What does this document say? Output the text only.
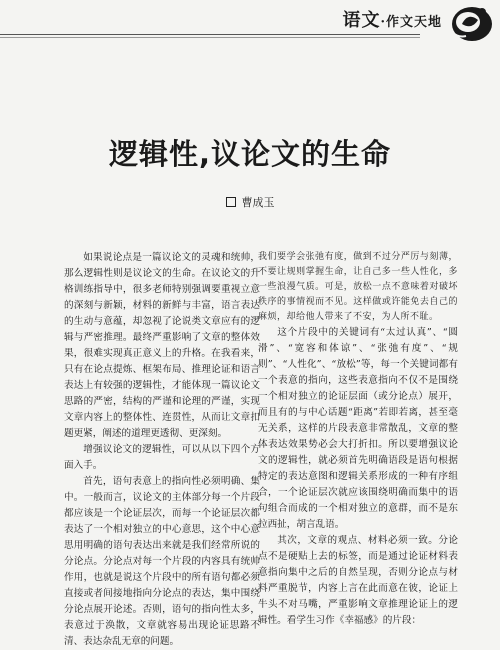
语文·作文天地
逻辑性,议论文的生命
曹成玉

如果说论点是一篇议论文的灵魂和统帅，那么逻辑性则是议论文的生命。在议论文的升格训练指导中，很多老师特别强调要重视立意的深刻与新颖，材料的新鲜与丰富，语言表达的生动与意蕴，却忽视了论说类文章应有的逻辑与严密推理。最终严重影响了文章的整体效果，很难实现真正意义上的升格。在我看来，只有在论点提炼、框架布局、推理论证和语言表达上有较强的逻辑性，才能体现一篇议论文思路的严密，结构的严谨和论理的严谨，实现文章内容上的整体性、连贯性，从而让文章扣题更紧，阐述的道理更透彻、更深刻。

增强议论文的逻辑性，可以从以下四个方面入手。

首先，语句表意上的指向性必须明确、集中。一般而言，议论文的主体部分每一个片段都应该是一个论证层次，而每一个论证层次都表达了一个相对独立的中心意思，这个中心意思用明确的语句表达出来就是我们经常所说的分论点。分论点对每一个片段的内容具有统帅作用，也就是说这个片段中的所有语句都必须直接或者间接地指向分论点的表达，集中围绕分论点展开论述。否则，语句的指向性太多，表意过于涣散，文章就容易出现论证思路不清、表达杂乱无章的问题。

我们要学会张弛有度，做到不过分严厉与刻薄，不要让规则掌握生命，让自己多一些人性化，多一些浪漫气质。可是，放松一点不意味着对破坏秩序的事情视而不见。这样做或许能免去自己的麻烦，却给他人带来了不安，为人所不耻。

这个片段中的关键词有“太过认真”、“圆滑”、“宽容和体谅”、“张弛有度”、“规则”、“人性化”、“放松”等，每一个关键词都有一个表意的指向，这些表意指向不仅不是围绕一个相对独立的论证层面（或分论点）展开，而且有的与中心话题“距离”若即若离，甚至毫无关系，这样的片段表意非常散乱，文章的整体表达效果势必会大打折扣。所以要增强议论文的逻辑性，就必须首先明确语段是语句根据特定的表达意图和逻辑关系形成的一种有序组合，一个论证层次就应该围绕明确而集中的语句组合而成的一个相对独立的意群，而不是东拉西扯，胡言乱语。

其次，文章的观点、材料必须一致。分论点不是硬贴上去的标签，而是通过论证材料表意指向集中之后的自然呈现，否则分论点与材料严重脱节，内容上言在此而意在彼，论证上牛头不对马嘴，严重影响文章推理论证上的逻辑性。看学生习作《幸福感》的片段：
